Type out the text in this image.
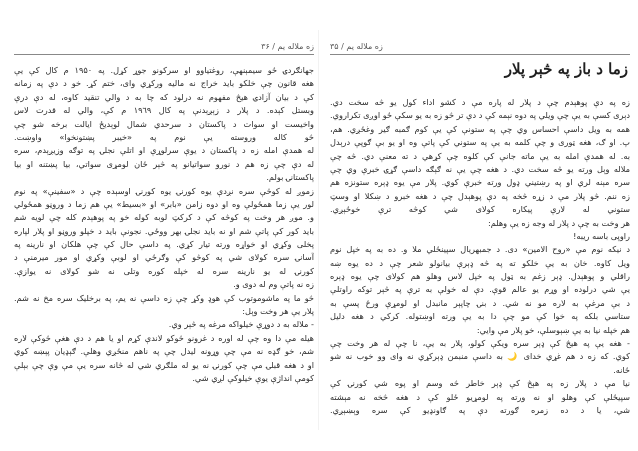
زه ملاله یم / ۳۶
جهانګردۍ ځو سیمېنهې، روغتیاوو او سرکونو جوړ کړل. په ۱۹۵۰ م کال کې یې
هغه قانون چې خلکو باید خراج نه مالیه ورکړي وای، ختم کړ. خو د دې په زمانه
کې د بیان آزادۍ هیڅ مفهوم نه درلود که چا به د والي تنقید کاوه، له دې درې
وبستل کېده. د پلار د زېږېدنې په کال ۱۹٦۹ م کې، والي له قدرت لاس
واخیست او سوات د پاکستان د سرحدي شمال لوېدیځ ایالت برخه شو چې
څو کاله وروسته یې نوم په «خیبر پښتونخوا» واوښت.
له همدې امله زه د پاکستان د یوې سرلوړې او اتلې نجلۍ په توګه وزیږېدم، سره
له دې چې زه هم د نورو سواتیانو په څېر ځان لومړی سواتي، بیا پښتنه او بیا
پاکستانۍ بولم.
زموږ له کوڅې سره نږدې یوه کورنۍ یوه کورنۍ اوسېده چې د «سفینې» په نوم
لور یې زما همځولې وه او دوه زامن «بابر» او «بسیط» یې هم زما د وروڼو همځولي
و. موږ هر وخت په کوڅه کې د کرکټ لوبه کوله خو په پوهېدم کله چې لویه شم
باید کور کې پاتې شم او نه باید نجلۍ بهر ووځي. نجونې باید د خپلو وروڼو او پلار لپاره
پخلی وکړي او خواړه ورته تیار کړي. په داسې حال کې چې هلکان او نارینه په
آسانۍ سره کولای شي په کوڅو کې وګرځي او لوبې وکړي او مور میرمنې د
کورنۍ له یو نارینه سره له خپله کوره وتلی نه شو کولای نه یوازې.
زه نه پاتې وم له دوی و.
څو ما په ماشوموتوب کې هوډ وکړ چې زه داسې نه یم، په برخلیک سره مخ نه شم.
پلار یې هر وخت وېل:
- ملاله به د دوړې خیلواکه مرغه په څېر وي.
هیله مې دا وه چې له اوره د غرونو څوکو لاندې کړم او یا هم د دې هغې څوکې لاره
شم، خو ګډه نه مې چې وړونه لیدل چې په ناهم منځږي وهلې. ګېډیان پېښه کوي
او د هغه قبلۍ مې چې کورنۍ نه یو له ملګري شي له څانه سره یې مې وې چې بېلې
کومې انداژې یوې خیلوکې لږي شي.
زه ملاله یم / ۳۵
زما د باز په څېر پلار
زه په دې پوهېدم چې د پلار له پاره مې د کشو اداء کول یو څه سخت دي.
دېری کسې به یې چې ویلي په دوه نېمه کې د دې تر څو زه به یو سکې ځو اوږی تکراروي.
همه به ویل داسې احساس وي چې په ستونې کې یې کوم ګمبه ګیر وغځږي. هم،
پ. او ګ، هغه ټوری و چې کلمه به یې په ستوني کې پاتې وه او یو بې ګوپې درېدل
به. له همدې امله به یې ماته جانې کې کلوه چې کړهي د ته معنې دي. څه چې
ملاله وېل ورته یو څه سخت دي. د هغه چې یې نه ګېګه داسې ګړۍ خبرې وي چې
سره مېنه لري او په رښتیني ډول ورته خبرې کوي. پلار مې یوه ډېره ستونزه هم
زه ننم. څو پلار مې د زړه څخه په دې پوهېدل چې د هغه خبرو د ښکلا او وسټ
ستوني له لارې پیکاره کولای شي کوڅه ترې خوځېږي.
هر وخت به چې د پلار له وجه زه یې وهلم:
راوپی باسه ریبه!
د نیکه نوم مې «روح الامین» دی. د جمبهریال سپینځلي ملا و. ده به په خپل نوم
ویل کاوه. خان به یې خلکو ته په څه ډېرې بیانولو شعر چې د ده یوه ښه
راقلي و پوهېدل. ډېر زغم به ټول په خپل لاس وهلو هم کولای چې یوه ډېره
یې شي درلوده او وړم یو عالم قوې. دې له خولې به ترې په څېر توکه راوتلې
د بې مرغې به لاره مو نه شي. د بنۍ چاپېر مانبدل او لومړې ورځ پسې به
ستاسي بلکه په خوا کې مو چې دا به یې ورته اوښتوله. کرکي د هغه دلیل
هم خپله نیا به یې ښېوسلې، خو پلار مې وایي:
- هغه یې په هیڅ کې ډېر سره ویکې کولو، پلار به یې، نا چې له هر وخت چې
کوي. که زه د هم غړي خدای 🌙 به داسې منبمن ډېرکړي نه وای وو خوب نه شو
ځانه.
نیا مې د پلار زه په هېڅ کې ډېر خاطر څه وسم او پوه شي کورنۍ کې
سپیځلې کې وهلو او نه ورته په لومړیو ځلو کې د هغه څخه نه مېشته
شي، یا د ده زمره ګورته دې په ګاونډیو کې سره وېښېږي.
